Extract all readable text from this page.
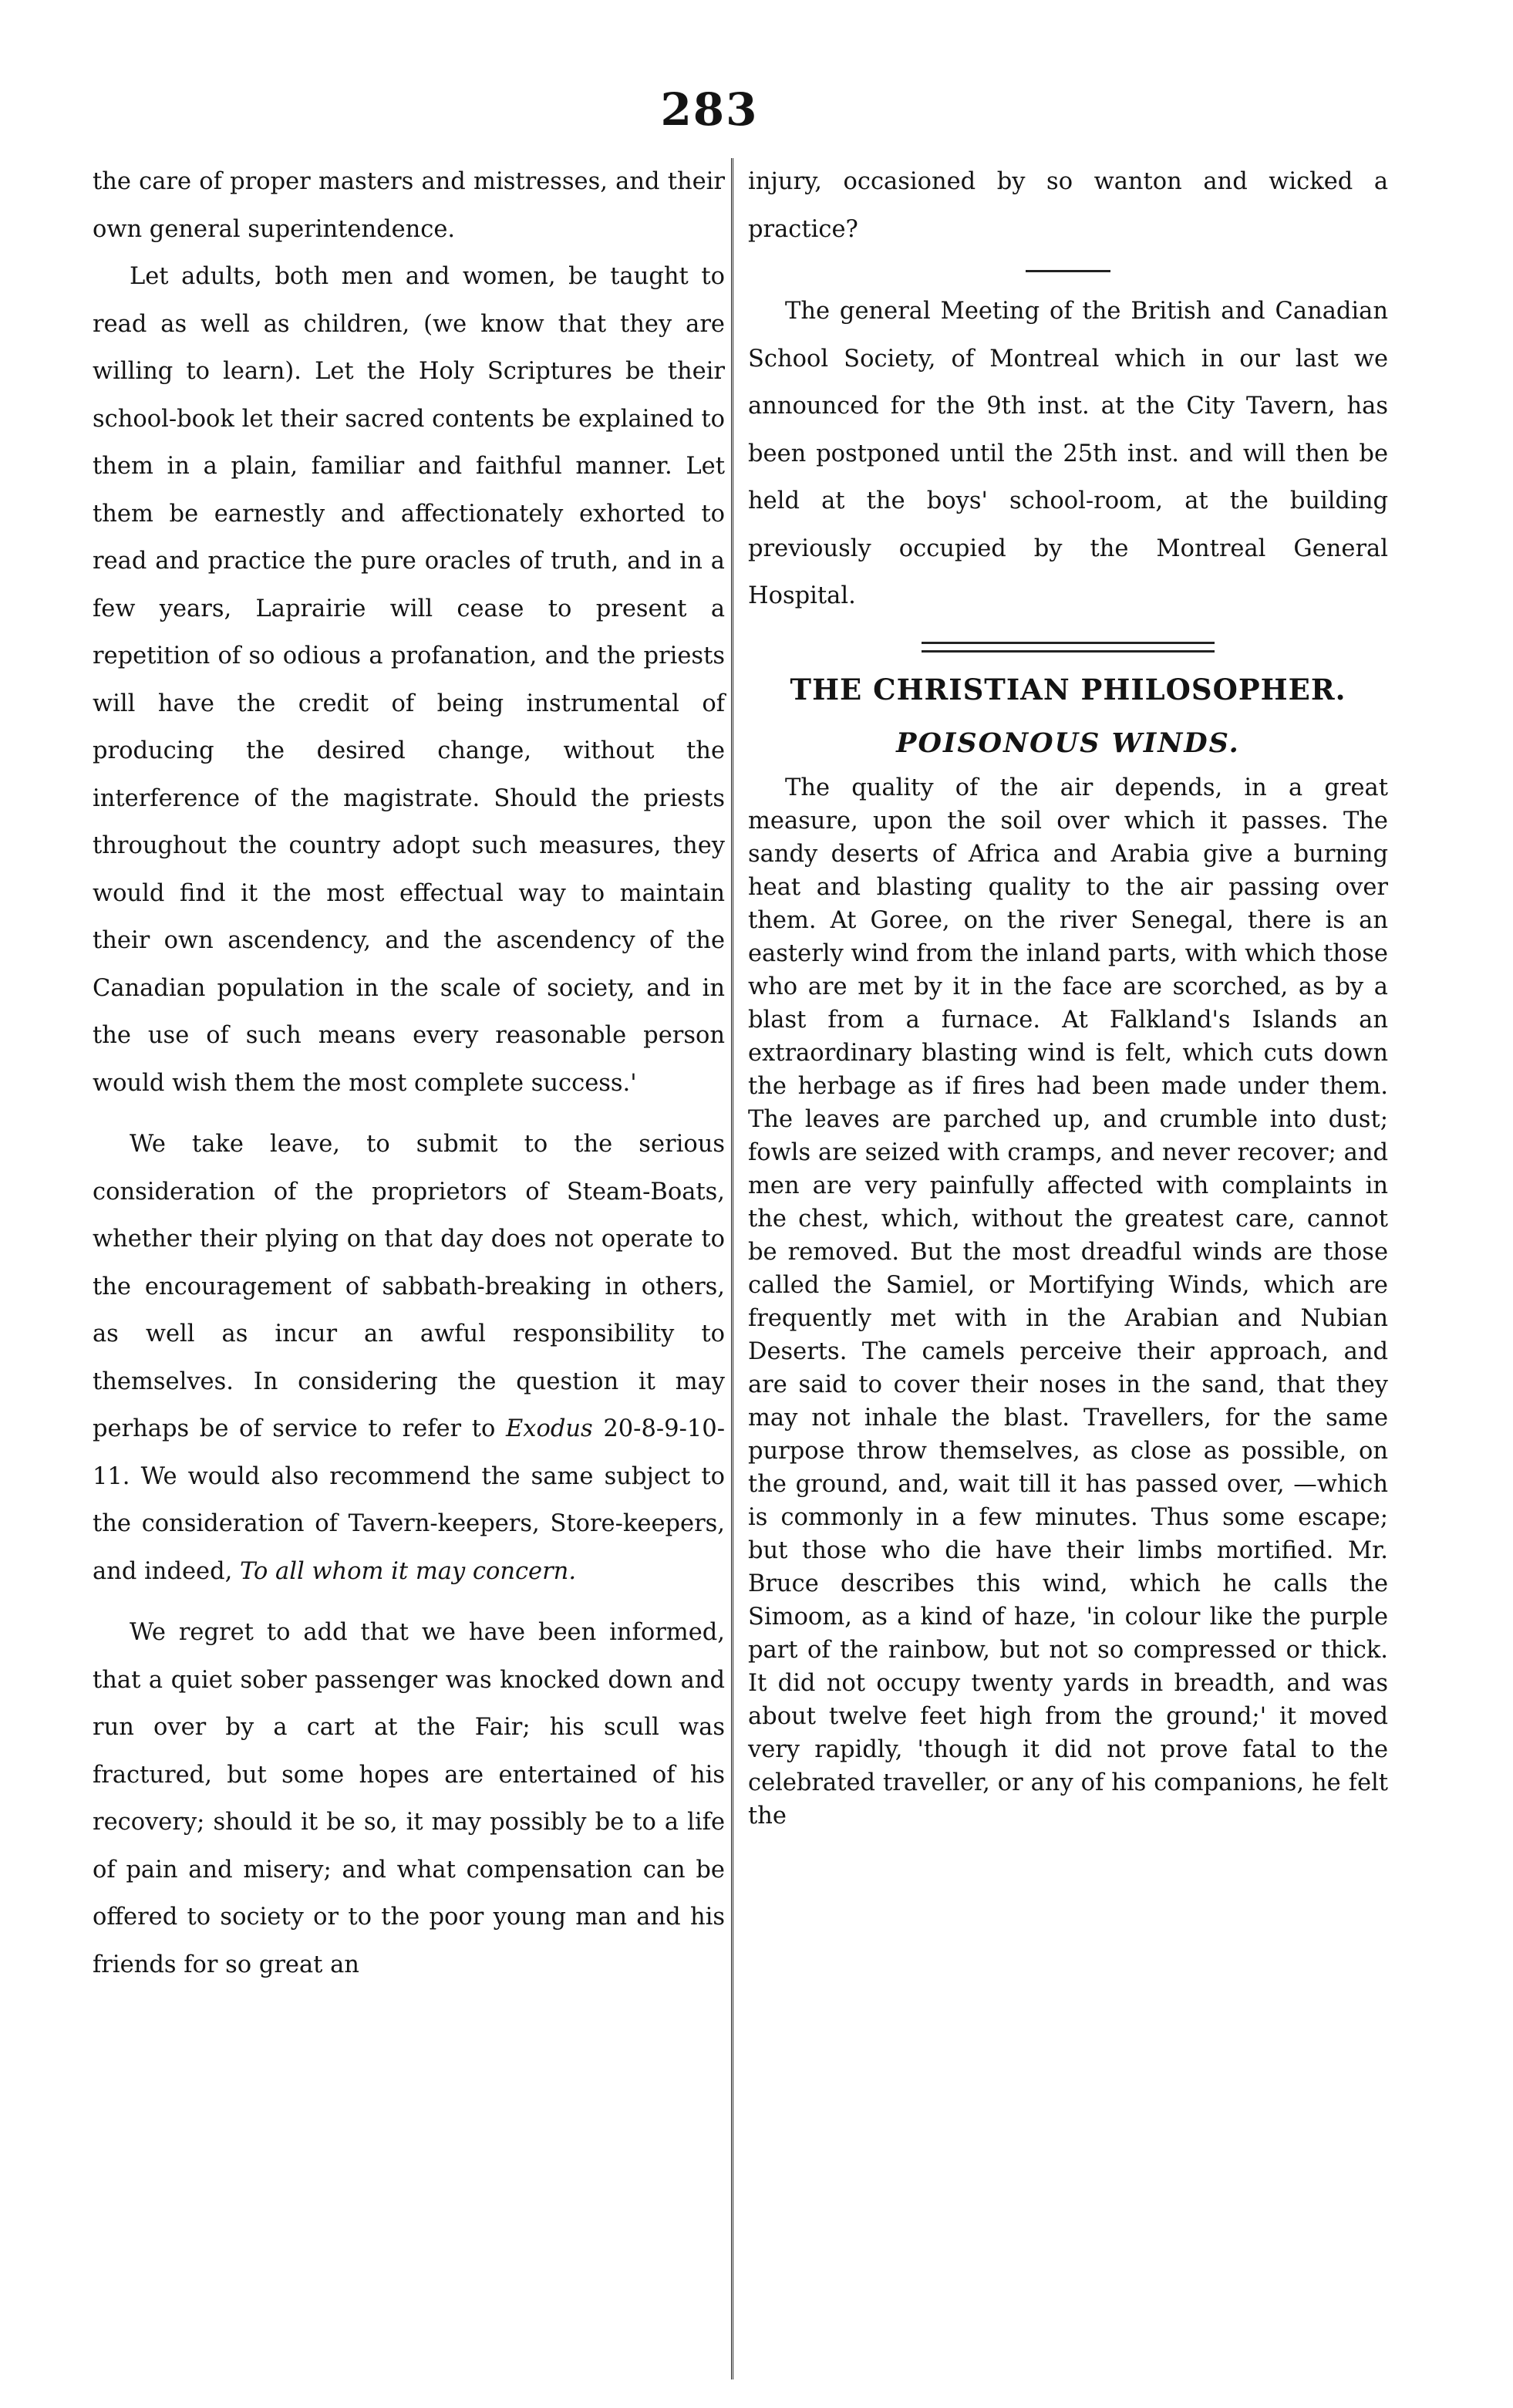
283

the care of proper masters and mistresses, and their own general superintendence.

Let adults, both men and women, be taught to read as well as children, (we know that they are willing to learn). Let the Holy Scriptures be their school-book let their sacred contents be explained to them in a plain, familiar and faithful manner. Let them be earnestly and affectionately exhorted to read and practice the pure oracles of truth, and in a few years, Laprairie will cease to present a repetition of so odious a profanation, and the priests will have the credit of being instrumental of producing the desired change, without the interference of the magistrate. Should the priests throughout the country adopt such measures, they would find it the most effectual way to maintain their own ascendency, and the ascendency of the Canadian population in the scale of society, and in the use of such means every reasonable person would wish them the most complete success.'

We take leave, to submit to the serious consideration of the proprietors of Steam-Boats, whether their plying on that day does not operate to the encouragement of sabbath-breaking in others, as well as incur an awful responsibility to themselves. In considering the question it may perhaps be of service to refer to Exodus 20-8-9-10-11. We would also recommend the same subject to the consideration of Tavern-keepers, Store-keepers, and indeed, To all whom it may concern.

We regret to add that we have been informed, that a quiet sober passenger was knocked down and run over by a cart at the Fair; his scull was fractured, but some hopes are entertained of his recovery; should it be so, it may possibly be to a life of pain and misery; and what compensation can be offered to society or to the poor young man and his friends for so great an

injury, occasioned by so wanton and wicked a practice?

The general Meeting of the British and Canadian School Society, of Montreal which in our last we announced for the 9th inst. at the City Tavern, has been postponed until the 25th inst. and will then be held at the boys' school-room, at the building previously occupied by the Montreal General Hospital.

THE CHRISTIAN PHILOSOPHER.

POISONOUS WINDS.

The quality of the air depends, in a great measure, upon the soil over which it passes. The sandy deserts of Africa and Arabia give a burning heat and blasting quality to the air passing over them. At Goree, on the river Senegal, there is an easterly wind from the inland parts, with which those who are met by it in the face are scorched, as by a blast from a furnace. At Falkland's Islands an extraordinary blasting wind is felt, which cuts down the herbage as if fires had been made under them. The leaves are parched up, and crumble into dust; fowls are seized with cramps, and never recover; and men are very painfully affected with complaints in the chest, which, without the greatest care, cannot be removed. But the most dreadful winds are those called the Samiel, or Mortifying Winds, which are frequently met with in the Arabian and Nubian Deserts. The camels perceive their approach, and are said to cover their noses in the sand, that they may not inhale the blast. Travellers, for the same purpose throw themselves, as close as possible, on the ground, and, wait till it has passed over, —which is commonly in a few minutes. Thus some escape; but those who die have their limbs mortified. Mr. Bruce describes this wind, which he calls the Simoom, as a kind of haze, 'in colour like the purple part of the rainbow, but not so compressed or thick. It did not occupy twenty yards in breadth, and was about twelve feet high from the ground;' it moved very rapidly, 'though it did not prove fatal to the celebrated traveller, or any of his companions, he felt the
